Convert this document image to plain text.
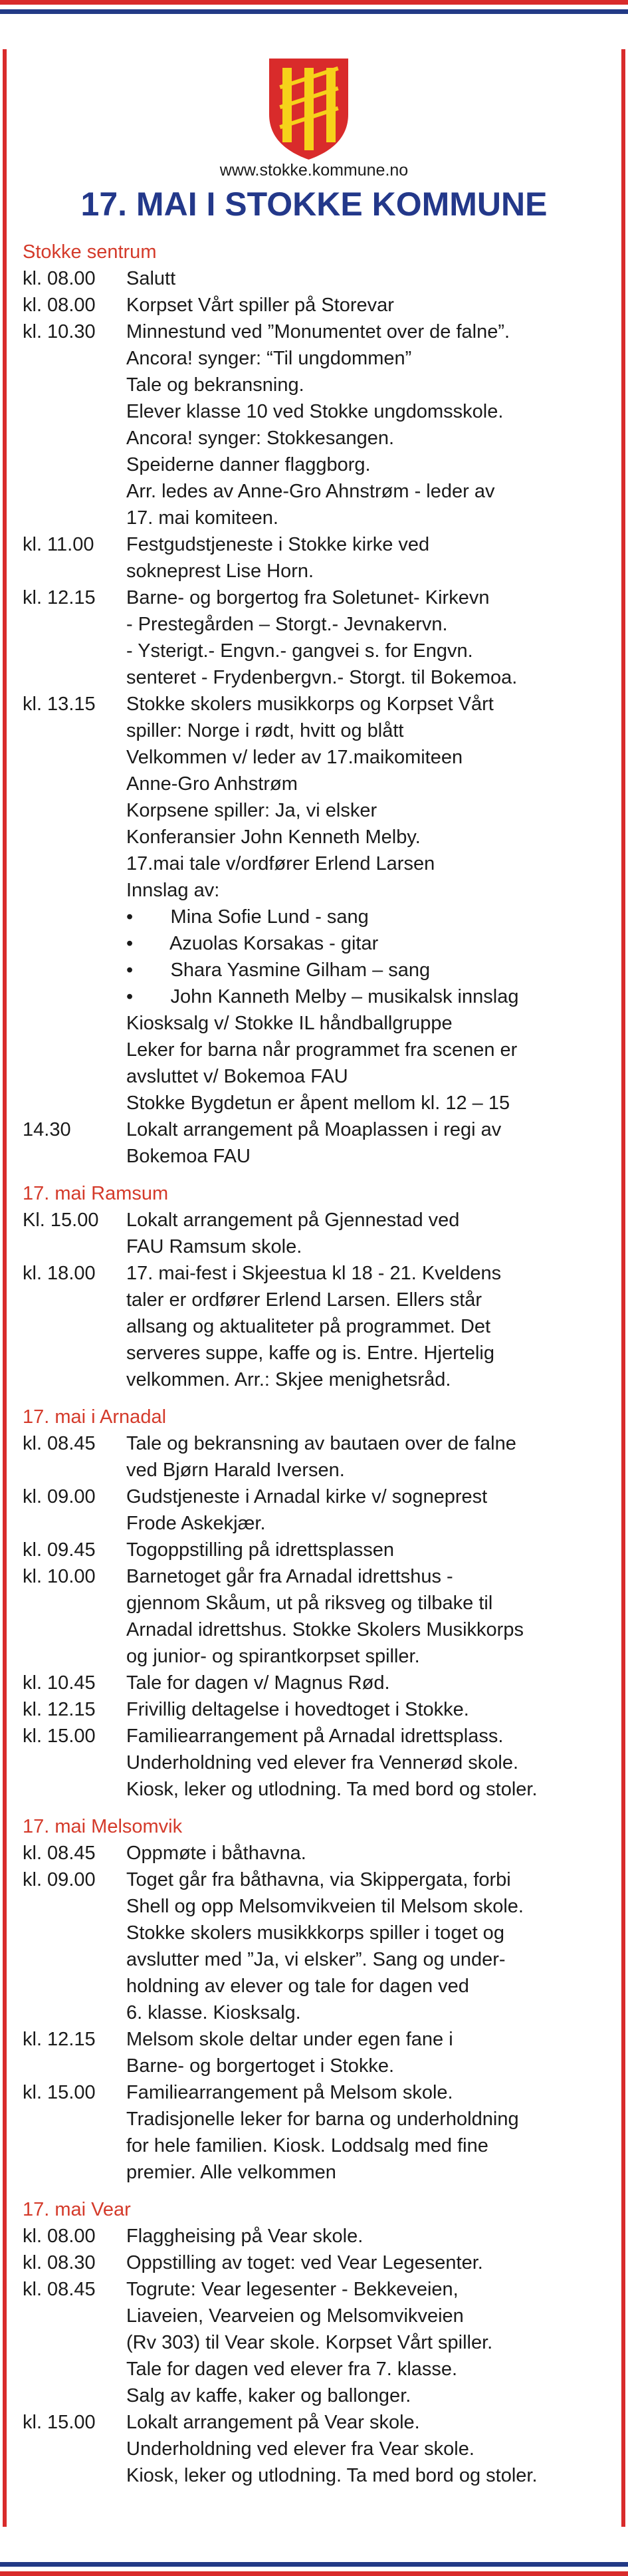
www.stokke.kommune.no
17. MAI I STOKKE KOMMUNE
Stokke sentrum
kl. 08.00	Salutt
kl. 08.00	Korpset Vårt spiller på Storevar
kl. 10.30	Minnestund ved ”Monumentet over de falne”.
Ancora! synger: “Til ungdommen”
Tale og bekransning.
Elever klasse 10 ved Stokke ungdomsskole.
Ancora! synger: Stokkesangen.
Speiderne danner flaggborg.
Arr. ledes av Anne-Gro Ahnstrøm - leder av
17. mai komiteen.
kl. 11.00	Festgudstjeneste i Stokke kirke ved
sokneprest Lise Horn.
kl. 12.15	Barne- og borgertog fra Soletunet- Kirkevn
- Prestegården – Storgt.- Jevnakervn.
- Ysterigt.- Engvn.- gangvei s. for Engvn.
senteret - Frydenbergvn.- Storgt. til Bokemoa.
kl. 13.15	Stokke skolers musikkorps og Korpset Vårt
spiller: Norge i rødt, hvitt og blått
Velkommen v/ leder av 17.maikomiteen
Anne-Gro Anhstrøm
Korpsene spiller: Ja, vi elsker
Konferansier John Kenneth Melby.
17.mai tale v/ordfører Erlend Larsen
Innslag av:
•       Mina Sofie Lund - sang
•       Azuolas Korsakas - gitar
•       Shara Yasmine Gilham – sang
•       John Kanneth Melby – musikalsk innslag
Kiosksalg v/ Stokke IL håndballgruppe
Leker for barna når programmet fra scenen er
avsluttet v/ Bokemoa FAU
Stokke Bygdetun er åpent mellom kl. 12 – 15
14.30	Lokalt arrangement på Moaplassen i regi av
Bokemoa FAU
17. mai Ramsum
Kl. 15.00	Lokalt arrangement på Gjennestad ved
FAU Ramsum skole.
kl. 18.00	17. mai-fest i Skjeestua kl 18 - 21. Kveldens
taler er ordfører Erlend Larsen. Ellers står
allsang og aktualiteter på programmet. Det
serveres suppe, kaffe og is. Entre. Hjertelig
velkommen. Arr.: Skjee menighetsråd.
17. mai i Arnadal
kl. 08.45	Tale og bekransning av bautaen over de falne
ved Bjørn Harald Iversen.
kl. 09.00	Gudstjeneste i Arnadal kirke v/ sogneprest
Frode Askekjær.
kl. 09.45	Togoppstilling på idrettsplassen
kl. 10.00	Barnetoget går fra Arnadal idrettshus -
gjennom Skåum, ut på riksveg og tilbake til
Arnadal idrettshus. Stokke Skolers Musikkorps
og junior- og spirantkorpset spiller.
kl. 10.45	Tale for dagen v/ Magnus Rød.
kl. 12.15	Frivillig deltagelse i hovedtoget i Stokke.
kl. 15.00	Familiearrangement på Arnadal idrettsplass.
Underholdning ved elever fra Vennerød skole.
Kiosk, leker og utlodning. Ta med bord og stoler.
17. mai Melsomvik
kl. 08.45	Oppmøte i båthavna.
kl. 09.00	Toget går fra båthavna, via Skippergata, forbi
Shell og opp Melsomvikveien til Melsom skole.
Stokke skolers musikkkorps spiller i toget og
avslutter med ”Ja, vi elsker”. Sang og under-
holdning av elever og tale for dagen ved
6. klasse. Kiosksalg.
kl. 12.15	Melsom skole deltar under egen fane i
Barne- og borgertoget i Stokke.
kl. 15.00	Familiearrangement på Melsom skole.
Tradisjonelle leker for barna og underholdning
for hele familien. Kiosk. Loddsalg med fine
premier. Alle velkommen
17. mai Vear
kl. 08.00	Flaggheising på Vear skole.
kl. 08.30	Oppstilling av toget: ved Vear Legesenter.
kl. 08.45	Togrute: Vear legesenter - Bekkeveien,
Liaveien, Vearveien og Melsomvikveien
(Rv 303) til Vear skole. Korpset Vårt spiller.
Tale for dagen ved elever fra 7. klasse.
Salg av kaffe, kaker og ballonger.
kl. 15.00	Lokalt arrangement på Vear skole.
Underholdning ved elever fra Vear skole.
Kiosk, leker og utlodning. Ta med bord og stoler.
